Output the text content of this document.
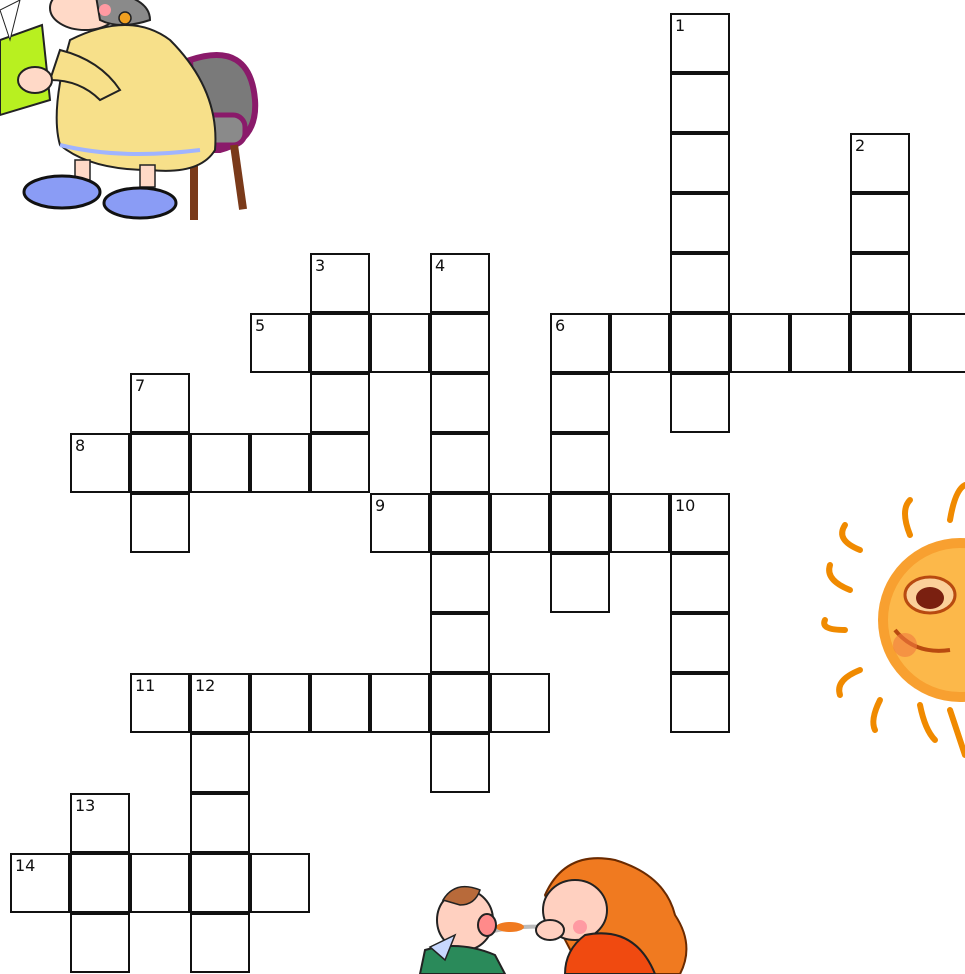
1
2
5	6
3	4
7
8
9	10
11 12
13
14
